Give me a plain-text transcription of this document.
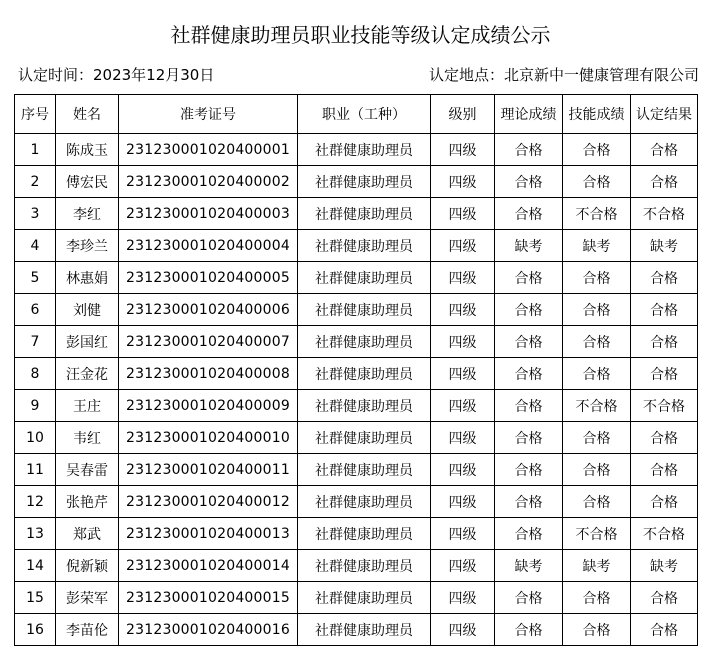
社群健康助理员职业技能等级认定成绩公示
认定时间：2023年12月30日	认定地点：北京新中一健康管理有限公司
序号	姓名	准考证号	职业（工种）	级别	理论成绩	技能成绩	认定结果
1	陈成玉	231230001020400001	社群健康助理员	四级	合格	合格	合格
2	傅宏民	231230001020400002	社群健康助理员	四级	合格	合格	合格
3	李红	231230001020400003	社群健康助理员	四级	合格	不合格	不合格
4	李珍兰	231230001020400004	社群健康助理员	四级	缺考	缺考	缺考
5	林惠娟	231230001020400005	社群健康助理员	四级	合格	合格	合格
6	刘健	231230001020400006	社群健康助理员	四级	合格	合格	合格
7	彭国红	231230001020400007	社群健康助理员	四级	合格	合格	合格
8	汪金花	231230001020400008	社群健康助理员	四级	合格	合格	合格
9	王庄	231230001020400009	社群健康助理员	四级	合格	不合格	不合格
10	韦红	231230001020400010	社群健康助理员	四级	合格	合格	合格
11	吴春雷	231230001020400011	社群健康助理员	四级	合格	合格	合格
12	张艳芹	231230001020400012	社群健康助理员	四级	合格	合格	合格
13	郑武	231230001020400013	社群健康助理员	四级	合格	不合格	不合格
14	倪新颖	231230001020400014	社群健康助理员	四级	缺考	缺考	缺考
15	彭荣军	231230001020400015	社群健康助理员	四级	合格	合格	合格
16	李苗伦	231230001020400016	社群健康助理员	四级	合格	合格	合格
